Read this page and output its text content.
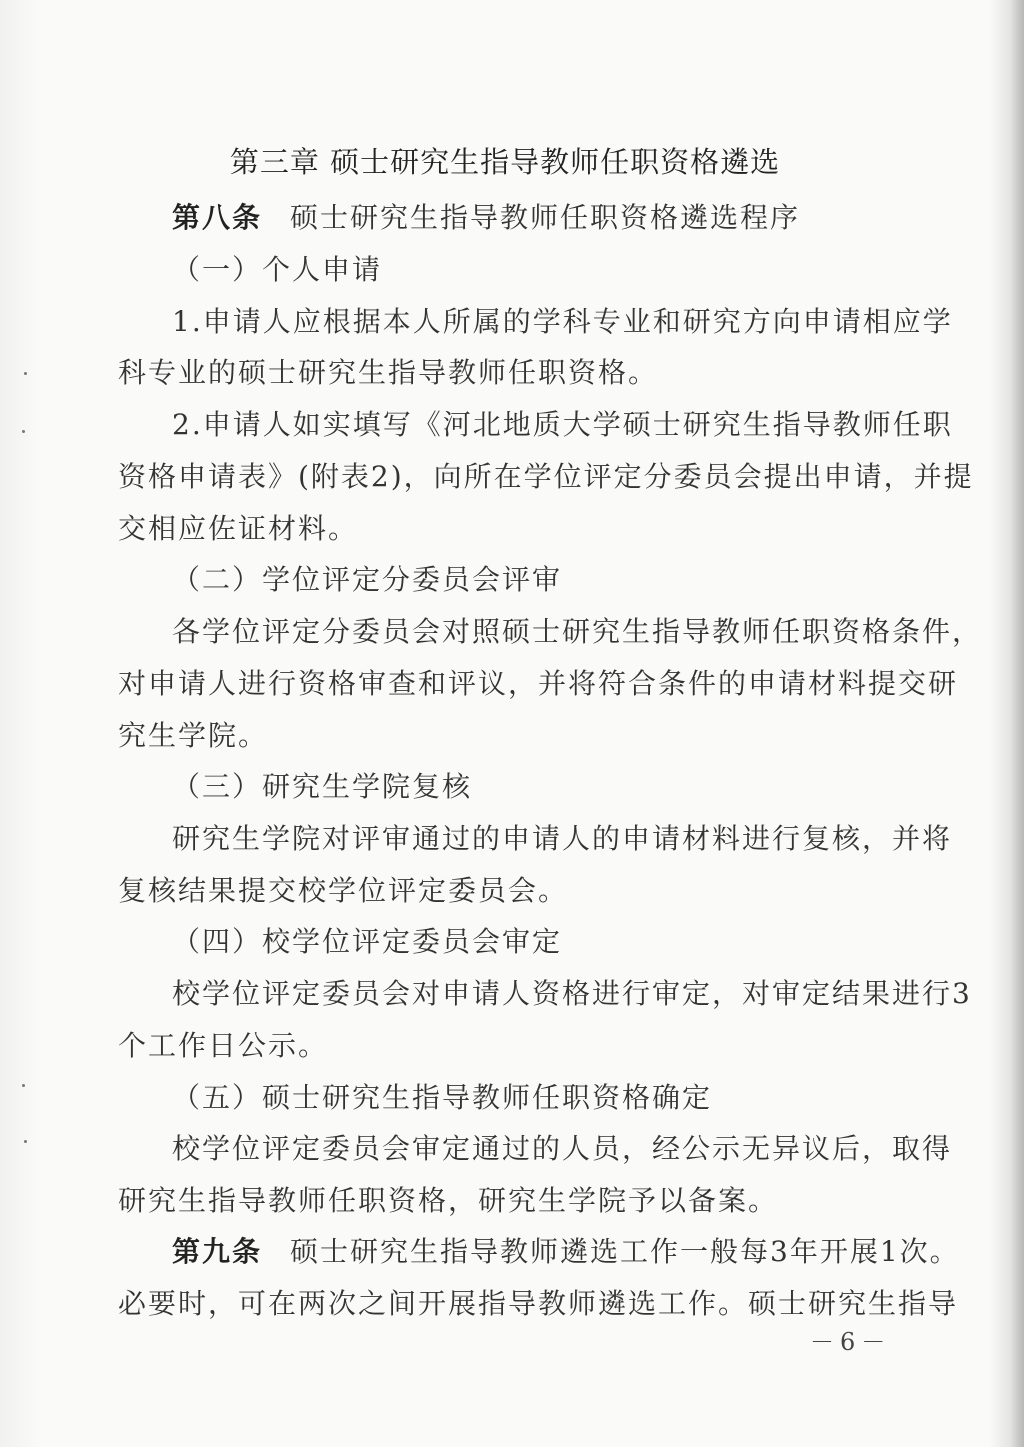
第三章 硕士研究生指导教师任职资格遴选
第八条 硕士研究生指导教师任职资格遴选程序
（一）个人申请
1.申请人应根据本人所属的学科专业和研究方向申请相应学
科专业的硕士研究生指导教师任职资格。
2.申请人如实填写《河北地质大学硕士研究生指导教师任职
资格申请表》(附表2)，向所在学位评定分委员会提出申请，并提
交相应佐证材料。
（二）学位评定分委员会评审
各学位评定分委员会对照硕士研究生指导教师任职资格条件，
对申请人进行资格审查和评议，并将符合条件的申请材料提交研
究生学院。
（三）研究生学院复核
研究生学院对评审通过的申请人的申请材料进行复核，并将
复核结果提交校学位评定委员会。
（四）校学位评定委员会审定
校学位评定委员会对申请人资格进行审定，对审定结果进行3
个工作日公示。
（五）硕士研究生指导教师任职资格确定
校学位评定委员会审定通过的人员，经公示无异议后，取得
研究生指导教师任职资格，研究生学院予以备案。
第九条 硕士研究生指导教师遴选工作一般每3年开展1次。
必要时，可在两次之间开展指导教师遴选工作。硕士研究生指导
－6－
